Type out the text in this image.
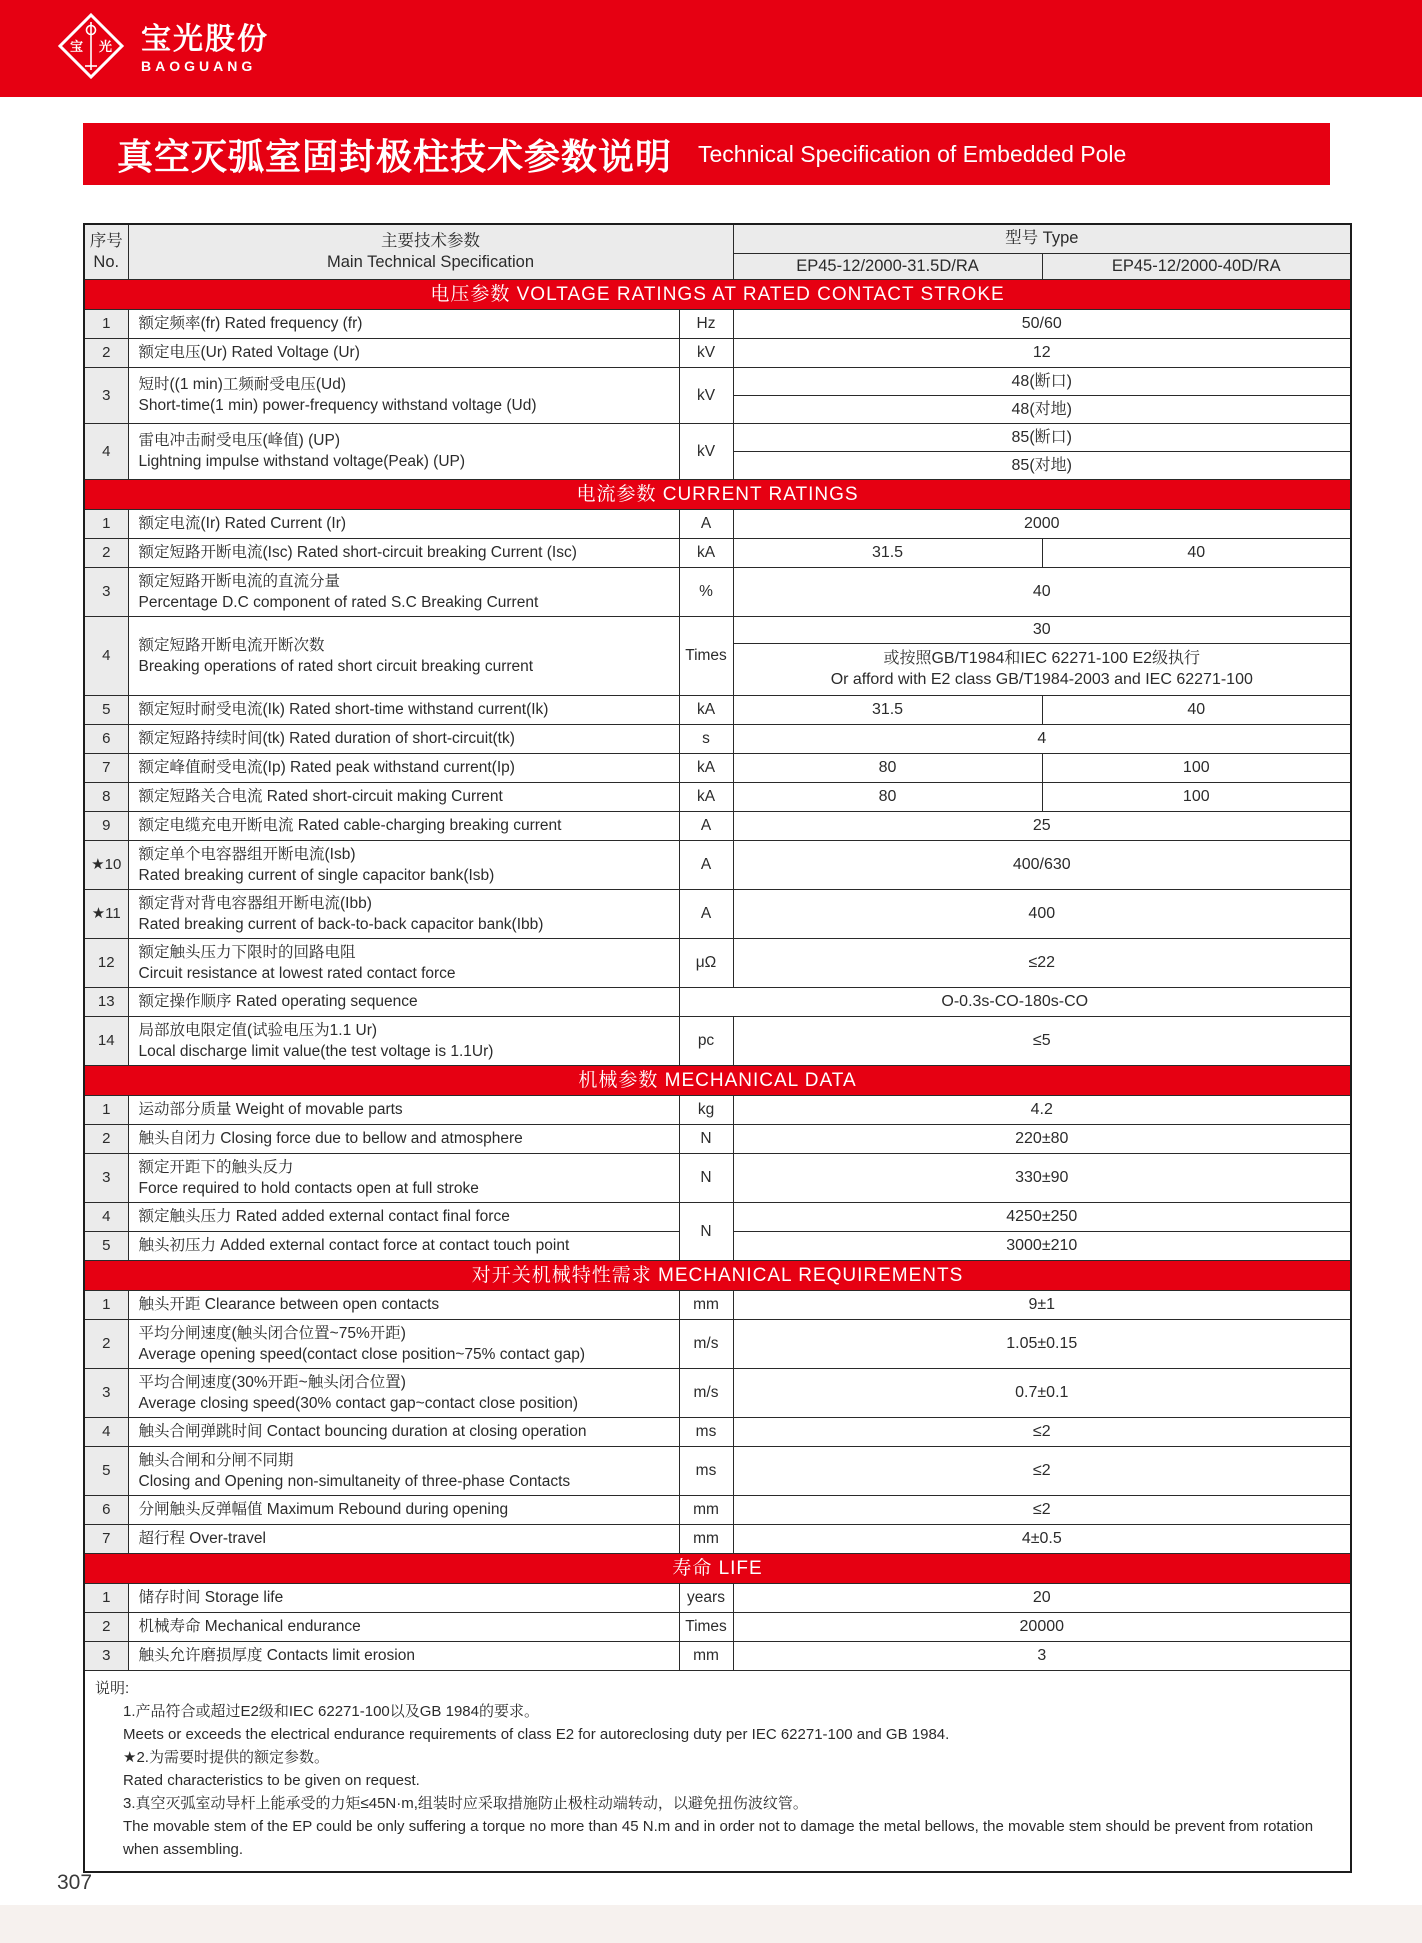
宝 光 宝光股份
BAOGUANG
真空灭弧室固封极柱技术参数说明 Technical Specification of Embedded Pole
序号
No.

主要技术参数
Main Technical Specification
	型号 Type
			EP45-12/2000-31.5D/RA	EP45-12/2000-40D/RA
电压参数 VOLTAGE RATINGS AT RATED CONTACT STROKE				
1	额定频率(fr) Rated frequency (fr)	Hz	50/60	
2	额定电压(Ur) Rated Voltage (Ur)	kV	12	
3	短时((1 min)工频耐受电压(Ud)
Short-time(1 min) power-frequency withstand voltage (Ud)	kV	48(断口)	
			48(对地)	
4	雷电冲击耐受电压(峰值) (UP)
Lightning impulse withstand voltage(Peak) (UP)	kV	85(断口)	
			85(对地)	
电流参数 CURRENT RATINGS				
1	额定电流(Ir) Rated Current (Ir)	A	2000	
2	额定短路开断电流(Isc) Rated short-circuit breaking Current (Isc)	kA	31.5	40
3	额定短路开断电流的直流分量
Percentage D.C component of rated S.C Breaking Current	%	40	
4	额定短路开断电流开断次数
Breaking operations of rated short circuit breaking current	Times	30	

			或按照GB/T1984和IEC 62271-100 E2级执行
Or afford with E2 class GB/T1984-2003 and IEC 62271-100	

5	额定短时耐受电流(Ik) Rated short-time withstand current(Ik)	kA	31.5	40
6	额定短路持续时间(tk) Rated duration of short-circuit(tk)	s	4	
7	额定峰值耐受电流(Ip) Rated peak withstand current(Ip)	kA	80	100
8	额定短路关合电流 Rated short-circuit making Current	kA	80	100
9	额定电缆充电开断电流 Rated cable-charging breaking current	A	25	
★10	额定单个电容器组开断电流(Isb)
Rated breaking current of single capacitor bank(Isb)	A	400/630	
★11	额定背对背电容器组开断电流(Ibb)
Rated breaking current of back-to-back capacitor bank(Ibb)	A	400	
12	额定触头压力下限时的回路电阻
Circuit resistance at lowest rated contact force	μΩ	≤22	
13	额定操作顺序 Rated operating sequence	O-0.3s-CO-180s-CO		
14	局部放电限定值(试验电压为1.1 Ur)
Local discharge limit value(the test voltage is 1.1Ur)	pc	≤5	
机械参数 MECHANICAL DATA				
1	运动部分质量 Weight of movable parts	kg	4.2	
2	触头自闭力 Closing force due to bellow and atmosphere	N	220±80	
3	额定开距下的触头反力
Force required to hold contacts open at full stroke	N	330±90	
4	额定触头压力 Rated added external contact final force	N	4250±250	
5	触头初压力 Added external contact force at contact touch point		3000±210	
对开关机械特性需求 MECHANICAL REQUIREMENTS				
1	触头开距 Clearance between open contacts	mm	9±1	
2	平均分闸速度(触头闭合位置~75%开距)
Average opening speed(contact close position~75% contact gap)	m/s	1.05±0.15	
3	平均合闸速度(30%开距~触头闭合位置)
Average closing speed(30% contact gap~contact close position)	m/s	0.7±0.1	
4	触头合闸弹跳时间 Contact bouncing duration at closing operation	ms	≤2	
5	触头合闸和分闸不同期
Closing and Opening non-simultaneity of three-phase Contacts	ms	≤2	
6	分闸触头反弹幅值 Maximum Rebound during opening	mm	≤2	
7	超行程 Over-travel	mm	4±0.5	
寿命 LIFE				
1	储存时间 Storage life	years	20	
2	机械寿命 Mechanical endurance	Times	20000	
3	触头允许磨损厚度 Contacts limit erosion	mm	3	

说明:
1.产品符合或超过E2级和IEC 62271-100以及GB 1984的要求。
Meets or exceeds the electrical endurance requirements of class E2 for autoreclosing duty per IEC 62271-100 and GB 1984.
★2.为需要时提供的额定参数。
Rated characteristics to be given on request.
3.真空灭弧室动导杆上能承受的力矩≤45N·m,组装时应采取措施防止极柱动端转动，以避免扭伤波纹管。
The movable stem of the EP could be only suffering a torque no more than 45 N.m and in order not to damage the metal bellows, the movable stem should be prevent from rotation when assembling.
307
